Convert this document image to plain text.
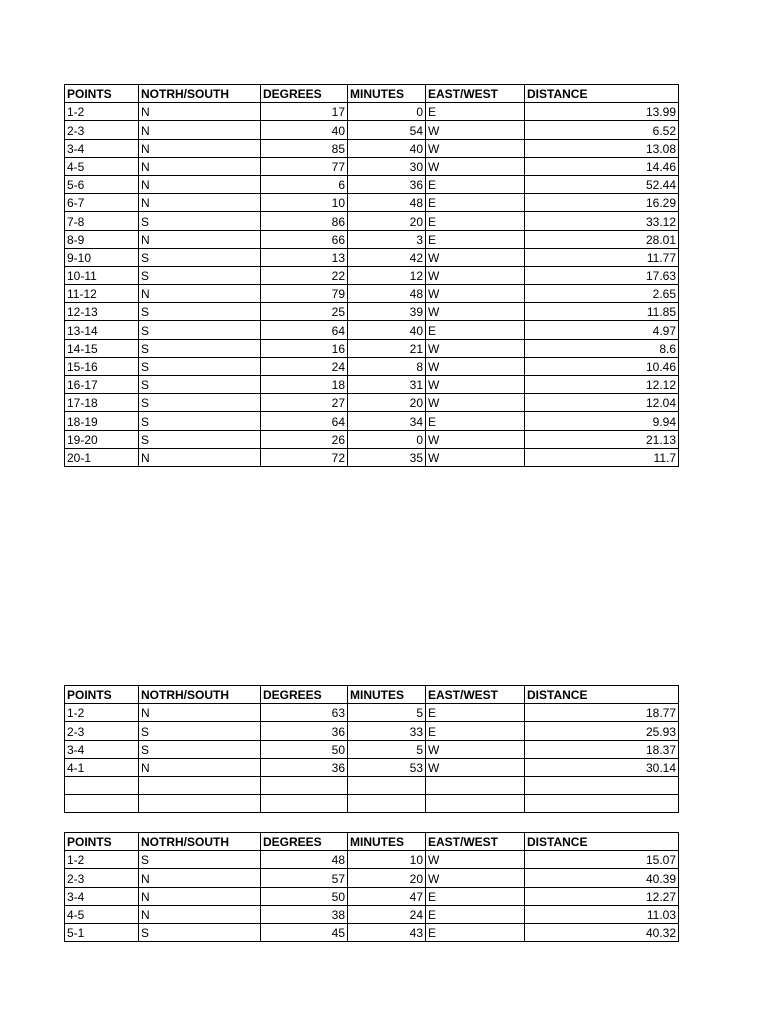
POINTS	NOTRH/SOUTH	DEGREES	MINUTES	EAST/WEST	DISTANCE
1-2	N	17	0	E	13.99
2-3	N	40	54	W	6.52
3-4	N	85	40	W	13.08
4-5	N	77	30	W	14.46
5-6	N	6	36	E	52.44
6-7	N	10	48	E	16.29
7-8	S	86	20	E	33.12
8-9	N	66	3	E	28.01
9-10	S	13	42	W	11.77
10-11	S	22	12	W	17.63
11-12	N	79	48	W	2.65
12-13	S	25	39	W	11.85
13-14	S	64	40	E	4.97
14-15	S	16	21	W	8.6
15-16	S	24	8	W	10.46
16-17	S	18	31	W	12.12
17-18	S	27	20	W	12.04
18-19	S	64	34	E	9.94
19-20	S	26	0	W	21.13
20-1	N	72	35	W	11.7
POINTS	NOTRH/SOUTH	DEGREES	MINUTES	EAST/WEST	DISTANCE
1-2	N	63	5	E	18.77
2-3	S	36	33	E	25.93
3-4	S	50	5	W	18.37
4-1	N	36	53	W	30.14

POINTS	NOTRH/SOUTH	DEGREES	MINUTES	EAST/WEST	DISTANCE
1-2	S	48	10	W	15.07
2-3	N	57	20	W	40.39
3-4	N	50	47	E	12.27
4-5	N	38	24	E	11.03
5-1	S	45	43	E	40.32
